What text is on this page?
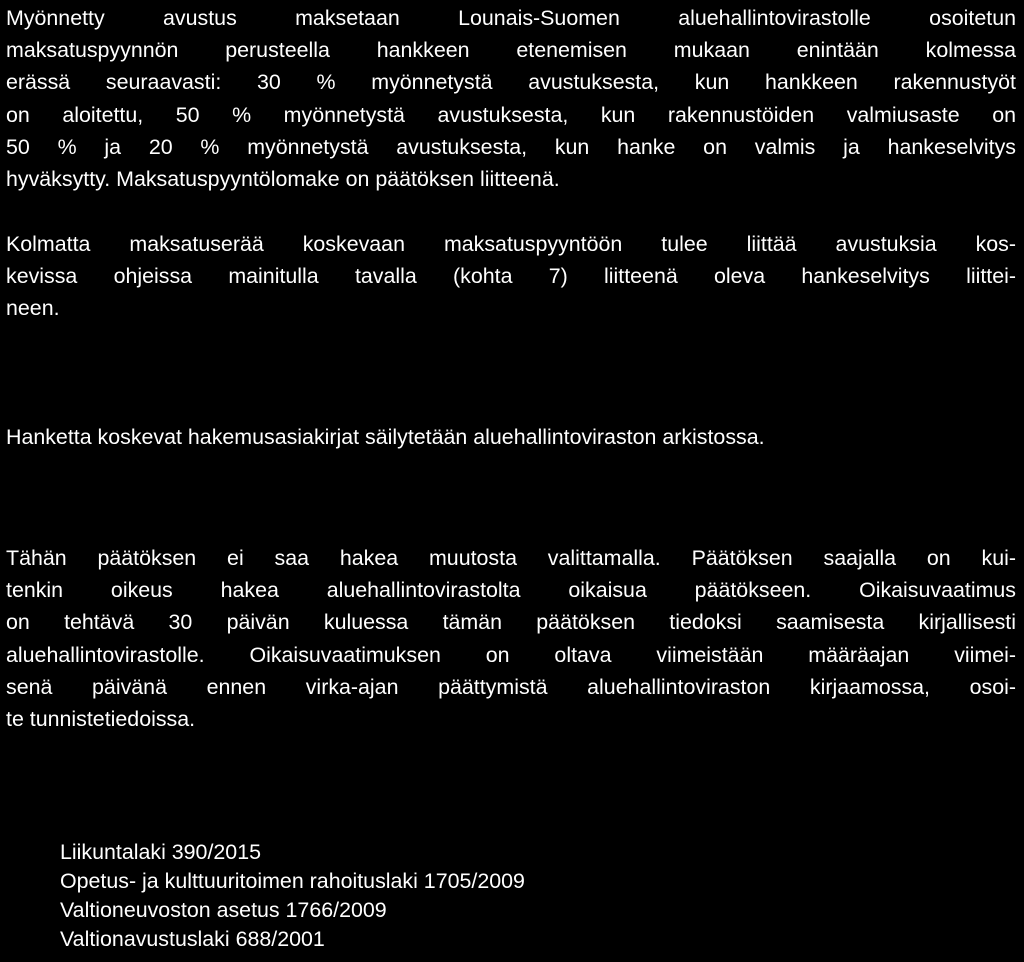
Myönnetty avustus maksetaan Lounais-Suomen aluehallintovirastolle osoitetun
maksatuspyynnön perusteella hankkeen etenemisen mukaan enintään kolmessa
erässä seuraavasti: 30 % myönnetystä avustuksesta, kun hankkeen rakennustyöt
on aloitettu, 50 % myönnetystä avustuksesta, kun rakennustöiden valmiusaste on
50 % ja 20 % myönnetystä avustuksesta, kun hanke on valmis ja hankeselvitys
hyväksytty. Maksatuspyyntölomake on päätöksen liitteenä.

Kolmatta maksatuserää koskevaan maksatuspyyntöön tulee liittää avustuksia kos-
kevissa ohjeissa mainitulla tavalla (kohta 7) liitteenä oleva hankeselvitys liittei-
neen.

Hanketta koskevat hakemusasiakirjat säilytetään aluehallintoviraston arkistossa.

Tähän päätöksen ei saa hakea muutosta valittamalla. Päätöksen saajalla on kui-
tenkin oikeus hakea aluehallintovirastolta oikaisua päätökseen. Oikaisuvaatimus
on tehtävä 30 päivän kuluessa tämän päätöksen tiedoksi saamisesta kirjallisesti
aluehallintovirastolle. Oikaisuvaatimuksen on oltava viimeistään määräajan viimei-
senä päivänä ennen virka-ajan päättymistä aluehallintoviraston kirjaamossa, osoi-
te tunnistetiedoissa.

Liikuntalaki 390/2015
Opetus- ja kulttuuritoimen rahoituslaki 1705/2009
Valtioneuvoston asetus 1766/2009
Valtionavustuslaki 688/2001
